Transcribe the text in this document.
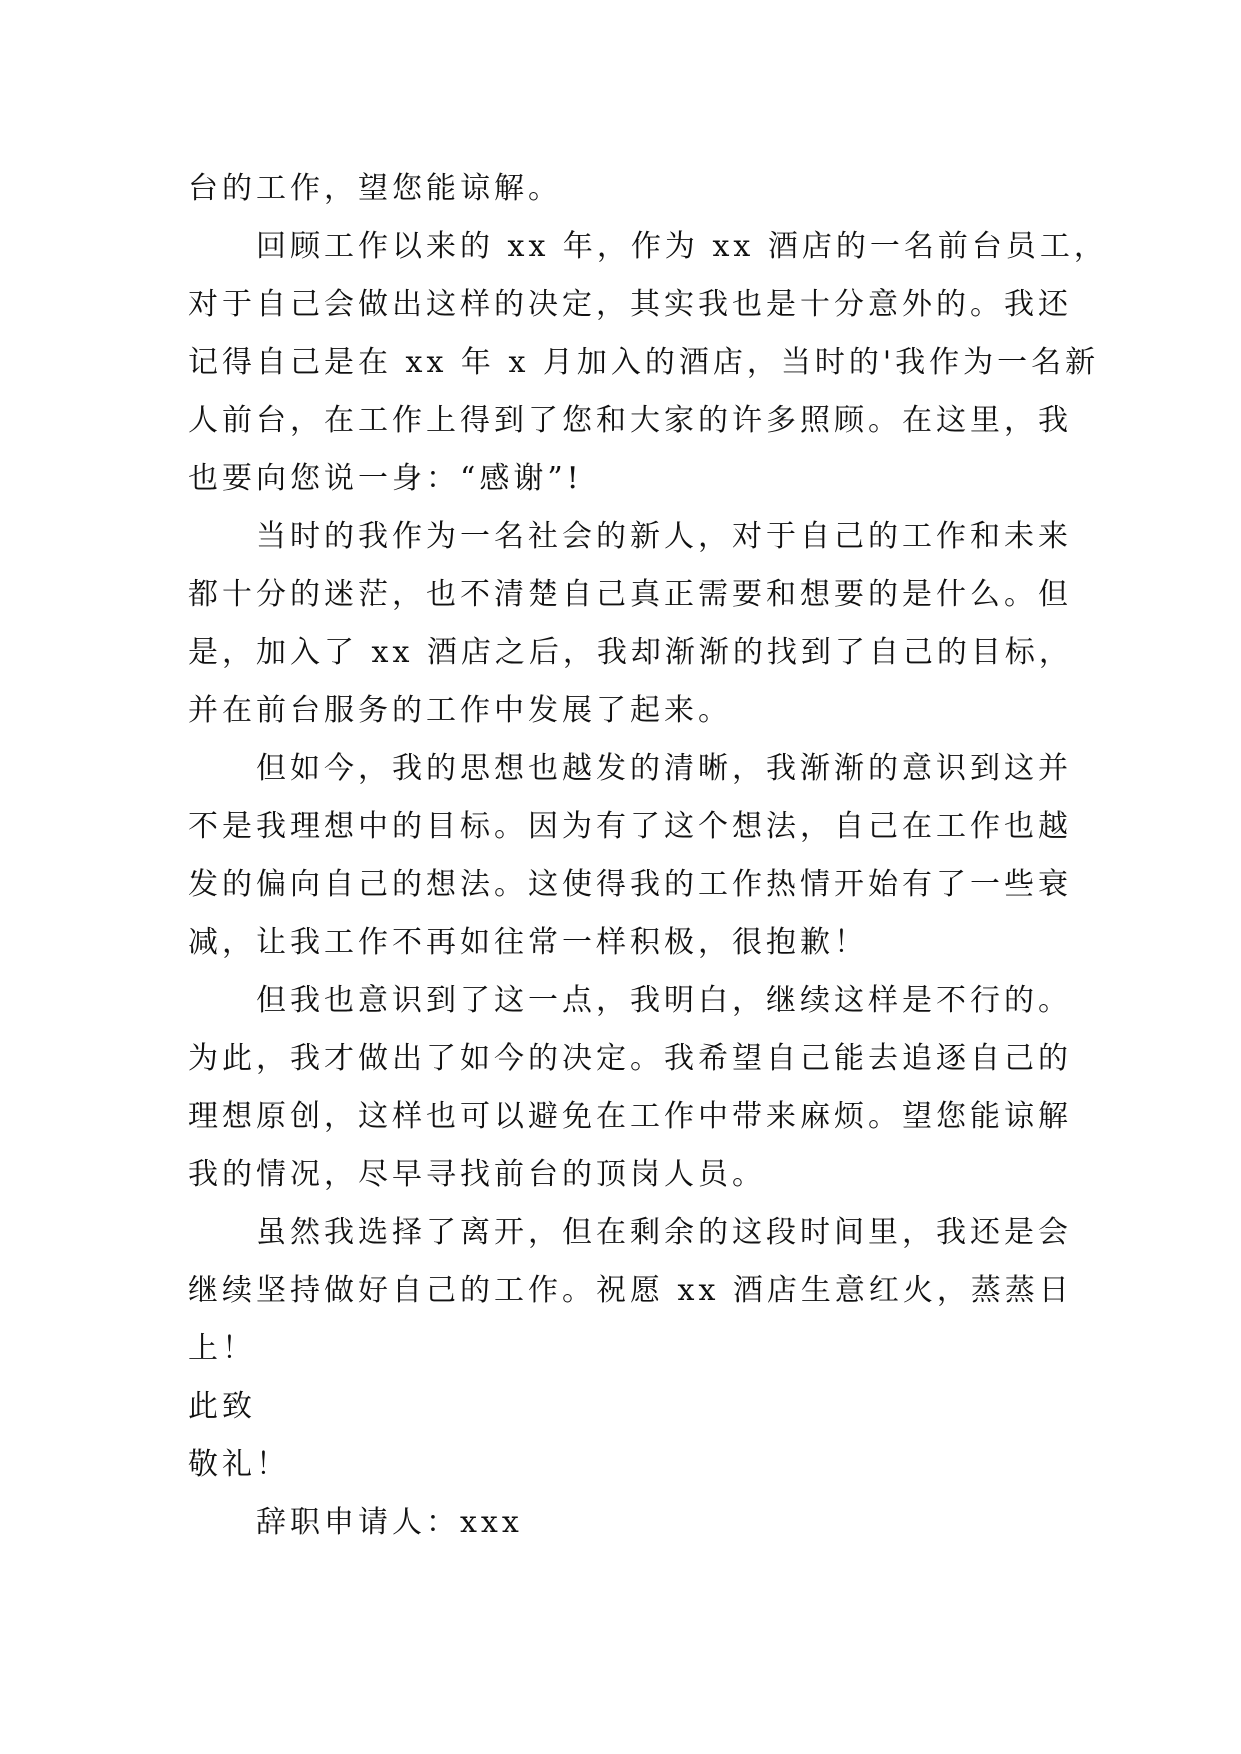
台的工作，望您能谅解。
回顾工作以来的 xx 年，作为 xx 酒店的一名前台员工，
对于自己会做出这样的决定，其实我也是十分意外的。我还
记得自己是在 xx 年 x 月加入的酒店，当时的'我作为一名新
人前台，在工作上得到了您和大家的许多照顾。在这里，我
也要向您说一身：“感谢”!
当时的我作为一名社会的新人，对于自己的工作和未来
都十分的迷茫，也不清楚自己真正需要和想要的是什么。但
是，加入了 xx 酒店之后，我却渐渐的找到了自己的目标，
并在前台服务的工作中发展了起来。
但如今，我的思想也越发的清晰，我渐渐的意识到这并
不是我理想中的目标。因为有了这个想法，自己在工作也越
发的偏向自己的想法。这使得我的工作热情开始有了一些衰
减，让我工作不再如往常一样积极，很抱歉！
但我也意识到了这一点，我明白，继续这样是不行的。
为此，我才做出了如今的决定。我希望自己能去追逐自己的
理想原创，这样也可以避免在工作中带来麻烦。望您能谅解
我的情况，尽早寻找前台的顶岗人员。
虽然我选择了离开，但在剩余的这段时间里，我还是会
继续坚持做好自己的工作。祝愿 xx 酒店生意红火，蒸蒸日
上！
此致
敬礼！
辞职申请人：xxx
